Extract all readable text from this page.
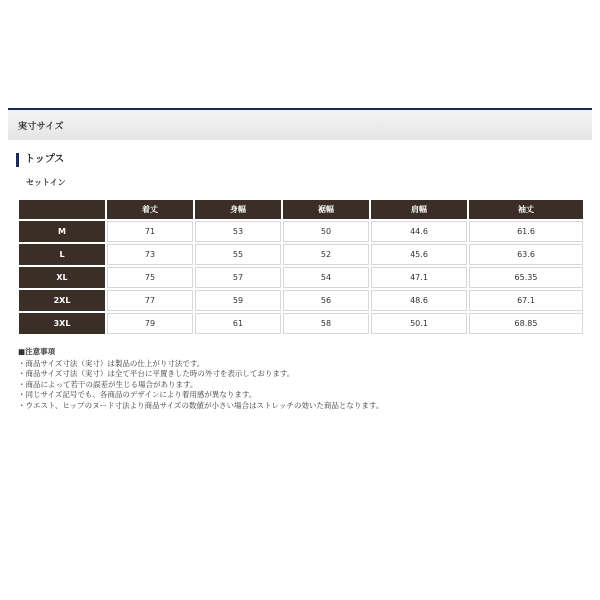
実寸サイズ
トップス
セットイン
	着丈	身幅	裾幅	肩幅	袖丈
M	71	53	50	44.6	61.6
L	73	55	52	45.6	63.6
XL	75	57	54	47.1	65.35
2XL	77	59	56	48.6	67.1
3XL	79	61	58	50.1	68.85
■注意事項
・商品サイズ寸法（実寸）は製品の仕上がり寸法です。
・商品サイズ寸法（実寸）は全て平台に平置きした時の外寸を表示しております。
・商品によって若干の誤差が生じる場合があります。
・同じサイズ記号でも、各商品のデザインにより着用感が異なります。
・ウエスト、ヒップのヌード寸法より商品サイズの数値が小さい場合はストレッチの効いた商品となります。
